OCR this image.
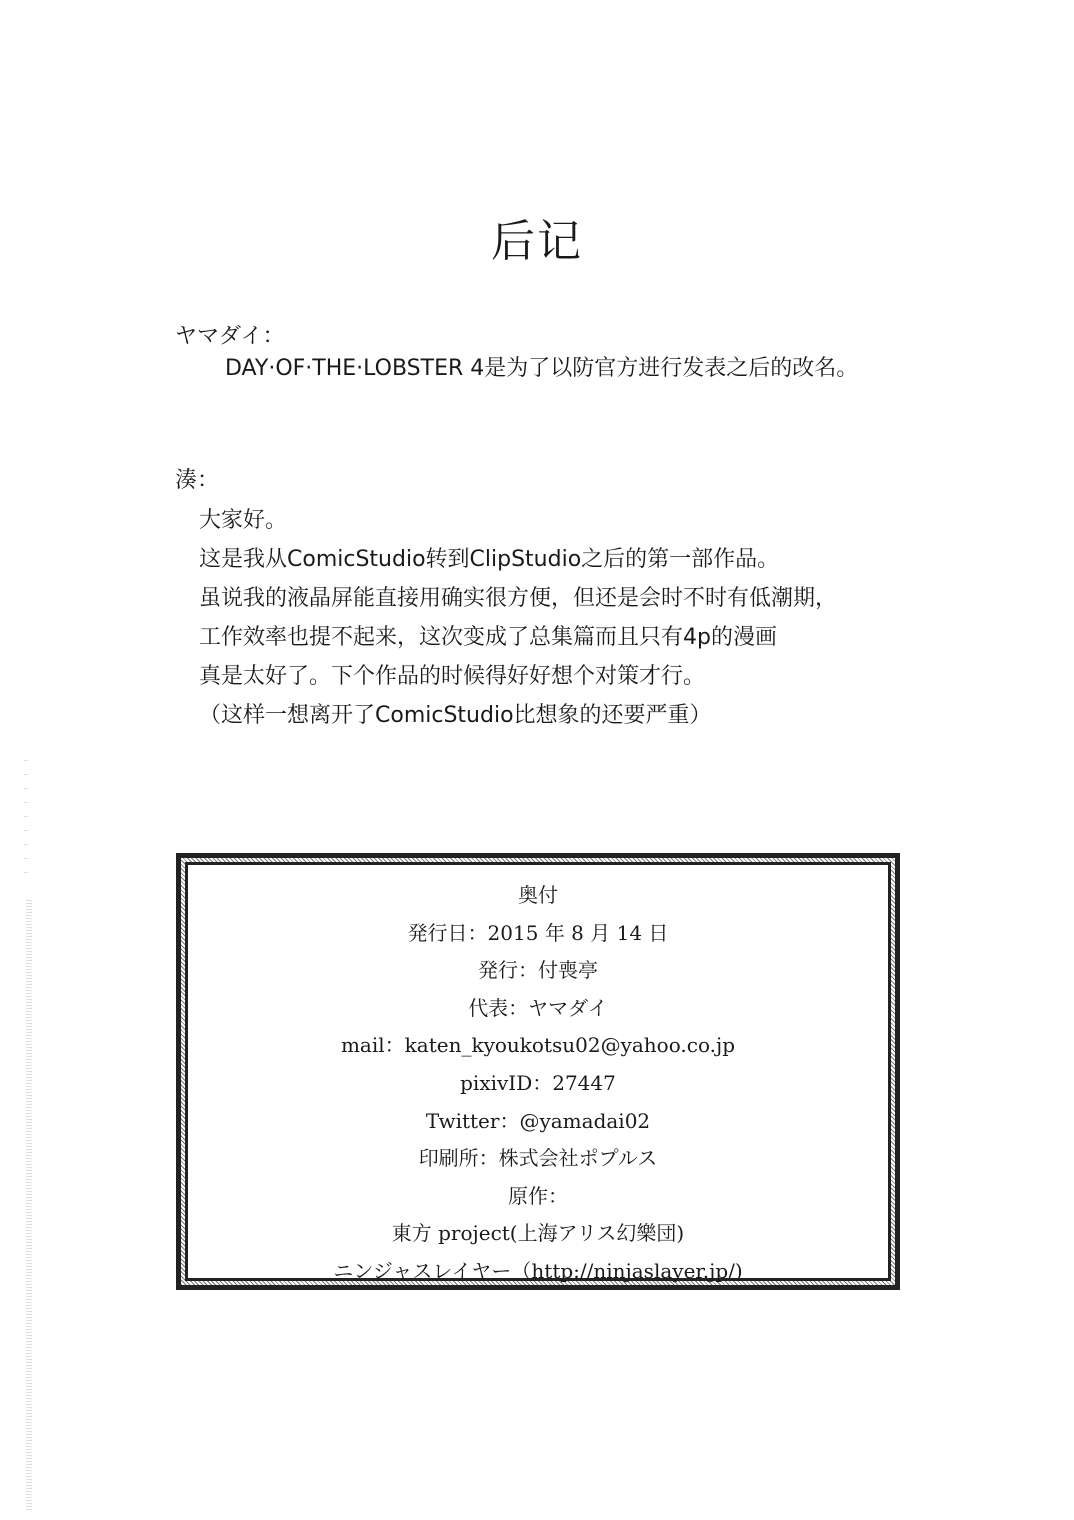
后记
ヤマダイ：
DAY·OF·THE·LOBSTER 4是为了以防官方进行发表之后的改名。
湊：
大家好。
这是我从ComicStudio转到ClipStudio之后的第一部作品。
虽说我的液晶屏能直接用确实很方便，但还是会时不时有低潮期，
工作效率也提不起来，这次变成了总集篇而且只有4p的漫画
真是太好了。下个作品的时候得好好想个对策才行。
（这样一想离开了ComicStudio比想象的还要严重）
奥付
発行日：2015 年 8 月 14 日
発行：付喪亭
代表：ヤマダイ
mail：katen_kyoukotsu02@yahoo.co.jp
pixivID：27447
Twitter：@yamadai02
印刷所：株式会社ポプルス
原作：
東方 project(上海アリス幻樂団)
ニンジャスレイヤー（http://ninjaslayer.jp/)
